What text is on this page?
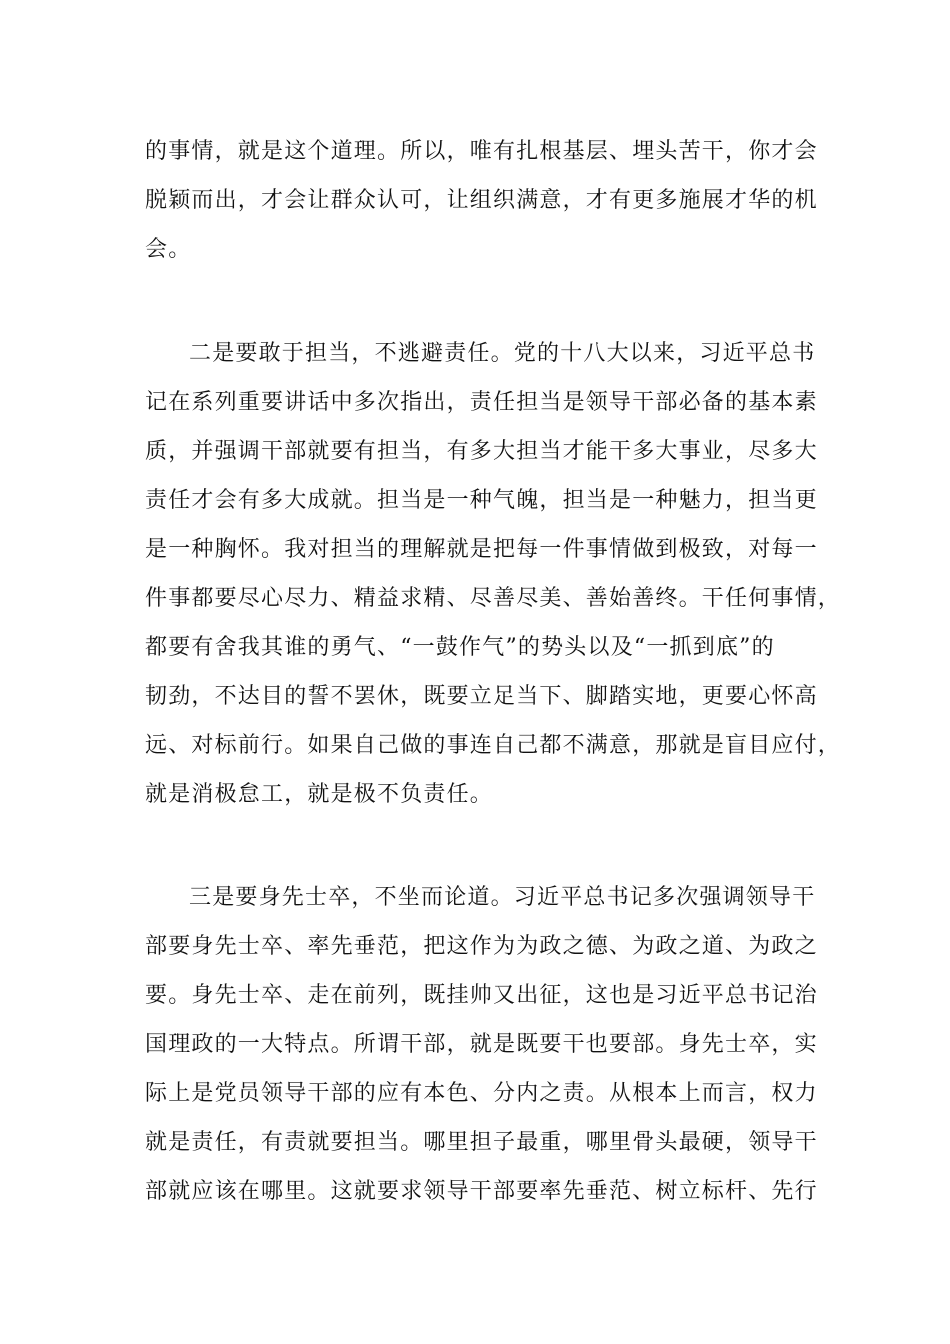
的事情，就是这个道理。所以，唯有扎根基层、埋头苦干，你才会
脱颖而出，才会让群众认可，让组织满意，才有更多施展才华的机
会。
二是要敢于担当，不逃避责任。党的十八大以来，习近平总书
记在系列重要讲话中多次指出，责任担当是领导干部必备的基本素
质，并强调干部就要有担当，有多大担当才能干多大事业，尽多大
责任才会有多大成就。担当是一种气魄，担当是一种魅力，担当更
是一种胸怀。我对担当的理解就是把每一件事情做到极致，对每一
件事都要尽心尽力、精益求精、尽善尽美、善始善终。干任何事情，
都要有舍我其谁的勇气、“一鼓作气”的势头以及“一抓到底”的
韧劲，不达目的誓不罢休，既要立足当下、脚踏实地，更要心怀高
远、对标前行。如果自己做的事连自己都不满意，那就是盲目应付，
就是消极怠工，就是极不负责任。
三是要身先士卒，不坐而论道。习近平总书记多次强调领导干
部要身先士卒、率先垂范，把这作为为政之德、为政之道、为政之
要。身先士卒、走在前列，既挂帅又出征，这也是习近平总书记治
国理政的一大特点。所谓干部，就是既要干也要部。身先士卒，实
际上是党员领导干部的应有本色、分内之责。从根本上而言，权力
就是责任，有责就要担当。哪里担子最重，哪里骨头最硬，领导干
部就应该在哪里。这就要求领导干部要率先垂范、树立标杆、先行
